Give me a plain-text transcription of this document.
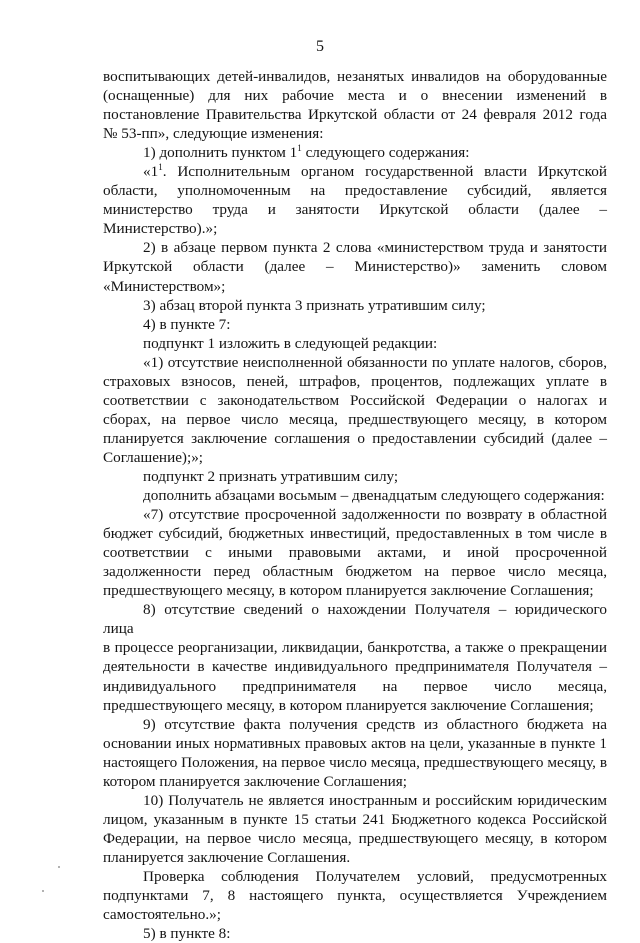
5

воспитывающих детей-инвалидов, незанятых инвалидов на оборудованные
(оснащенные) для них рабочие места и о внесении изменений в
постановление Правительства Иркутской области от 24 февраля 2012 года
№ 53-пп», следующие изменения:

1) дополнить пунктом $1^1$ следующего содержания:

«$1^1$. Исполнительным органом государственной власти Иркутской
области, уполномоченным на предоставление субсидий, является
министерство труда и занятости Иркутской области (далее –
Министерство).»;

2) в абзаце первом пункта 2 слова «министерством труда и занятости
Иркутской области (далее – Министерство)» заменить словом
«Министерством»;

3) абзац второй пункта 3 признать утратившим силу;

4) в пункте 7:

подпункт 1 изложить в следующей редакции:

«1) отсутствие неисполненной обязанности по уплате налогов, сборов,
страховых взносов, пеней, штрафов, процентов, подлежащих уплате в
соответствии с законодательством Российской Федерации о налогах и
сборах, на первое число месяца, предшествующего месяцу, в котором
планируется заключение соглашения о предоставлении субсидий (далее –
Соглашение);»;

подпункт 2 признать утратившим силу;

дополнить абзацами восьмым – двенадцатым следующего содержания:

«7) отсутствие просроченной задолженности по возврату в областной
бюджет субсидий, бюджетных инвестиций, предоставленных в том числе в
соответствии с иными правовыми актами, и иной просроченной
задолженности перед областным бюджетом на первое число месяца,
предшествующего месяцу, в котором планируется заключение Соглашения;

8) отсутствие сведений о нахождении Получателя – юридического лица
в процессе реорганизации, ликвидации, банкротства, а также о прекращении
деятельности в качестве индивидуального предпринимателя Получателя –
индивидуального предпринимателя на первое число месяца,
предшествующего месяцу, в котором планируется заключение Соглашения;

9) отсутствие факта получения средств из областного бюджета на
основании иных нормативных правовых актов на цели, указанные в пункте 1
настоящего Положения, на первое число месяца, предшествующего месяцу, в
котором планируется заключение Соглашения;

10) Получатель не является иностранным и российским юридическим
лицом, указанным в пункте 15 статьи 241 Бюджетного кодекса Российской
Федерации, на первое число месяца, предшествующего месяцу, в котором
планируется заключение Соглашения.

Проверка соблюдения Получателем условий, предусмотренных
подпунктами 7, 8 настоящего пункта, осуществляется Учреждением
самостоятельно.»;

5) в пункте 8:
